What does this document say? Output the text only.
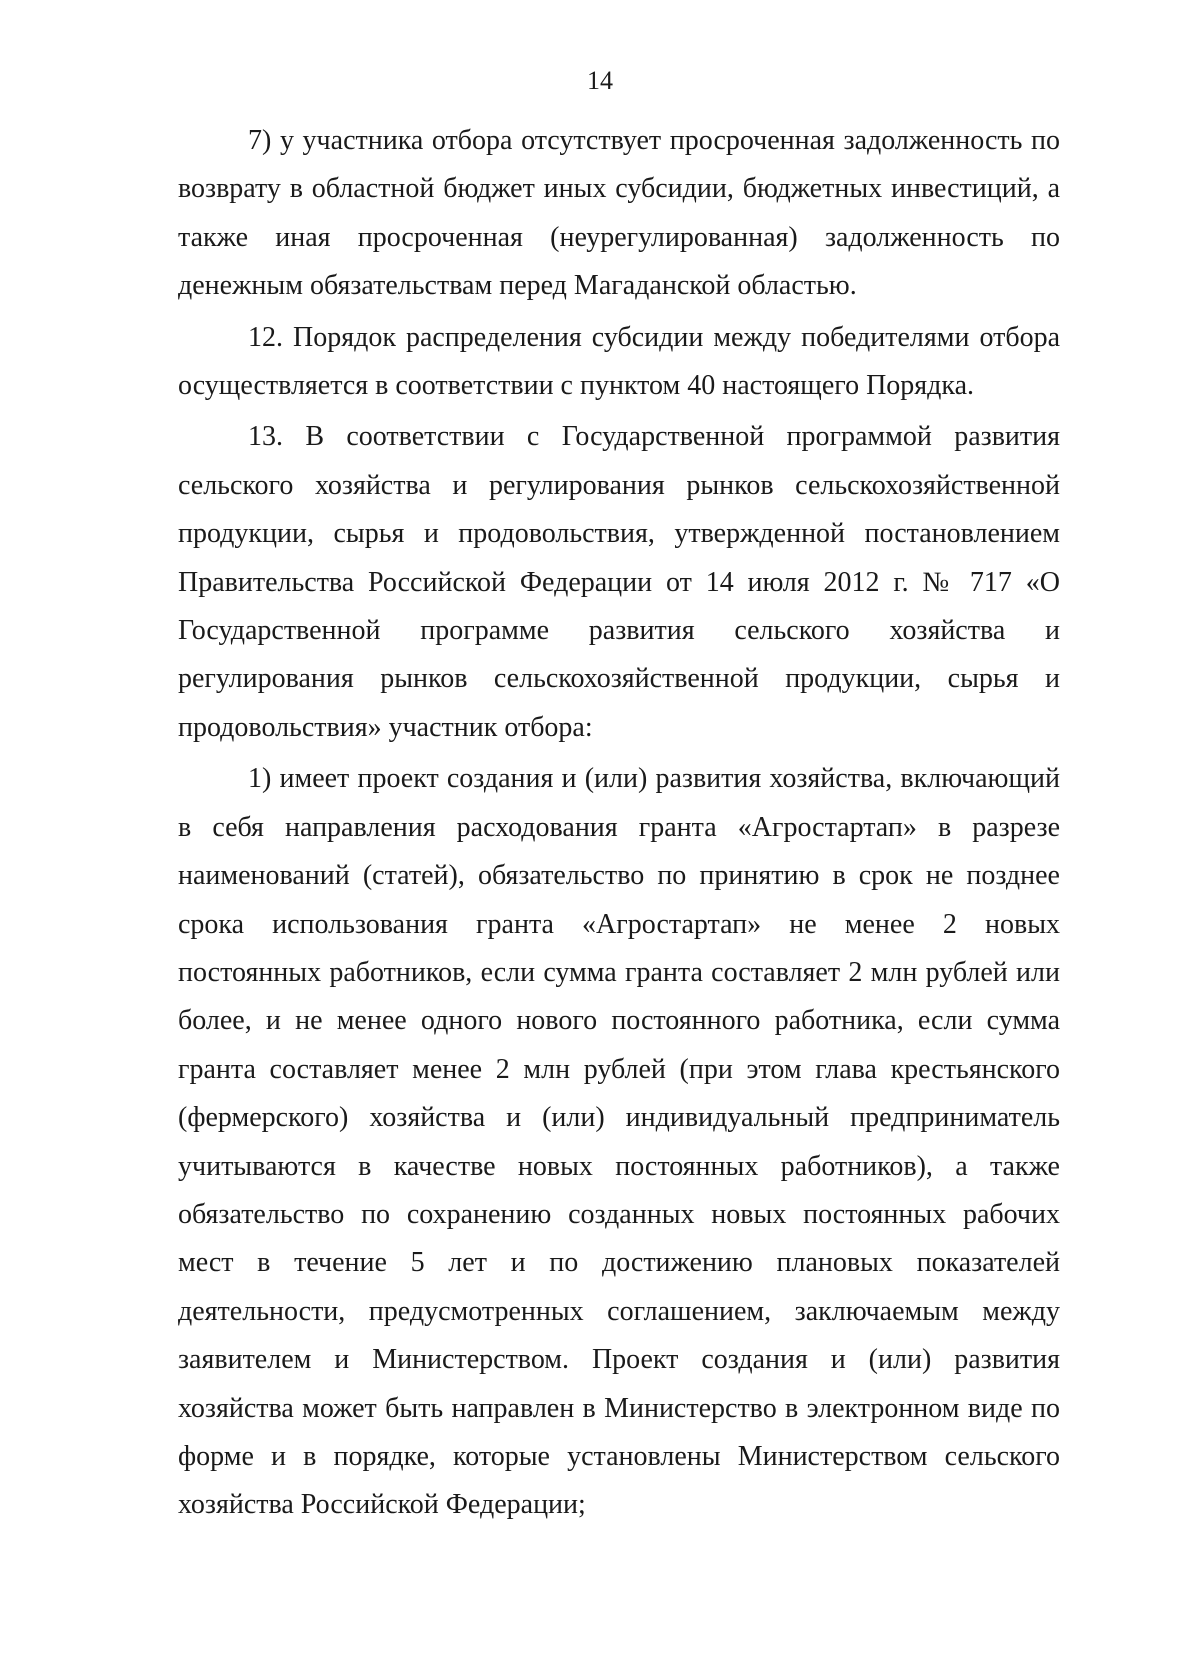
14

7) у участника отбора отсутствует просроченная задолженность по возврату в областной бюджет иных субсидии, бюджетных инвестиций, а также иная просроченная (неурегулированная) задолженность по денежным обязательствам перед Магаданской областью.

12. Порядок распределения субсидии между победителями отбора осуществляется в соответствии с пунктом 40 настоящего Порядка.

13. В соответствии с Государственной программой развития сельского хозяйства и регулирования рынков сельскохозяйственной продукции, сырья и продовольствия, утвержденной постановлением Правительства Российской Федерации от 14 июля 2012 г. № 717 «О Государственной программе развития сельского хозяйства и регулирования рынков сельскохозяйственной продукции, сырья и продовольствия» участник отбора:

1) имеет проект создания и (или) развития хозяйства, включающий в себя направления расходования гранта «Агростартап» в разрезе наименований (статей), обязательство по принятию в срок не позднее срока использования гранта «Агростартап» не менее 2 новых постоянных работников, если сумма гранта составляет 2 млн рублей или более, и не менее одного нового постоянного работника, если сумма гранта составляет менее 2 млн рублей (при этом глава крестьянского (фермерского) хозяйства и (или) индивидуальный предприниматель учитываются в качестве новых постоянных работников), а также обязательство по сохранению созданных новых постоянных рабочих мест в течение 5 лет и по достижению плановых показателей деятельности, предусмотренных соглашением, заключаемым между заявителем и Министерством. Проект создания и (или) развития хозяйства может быть направлен в Министерство в электронном виде по форме и в порядке, которые установлены Министерством сельского хозяйства Российской Федерации;
